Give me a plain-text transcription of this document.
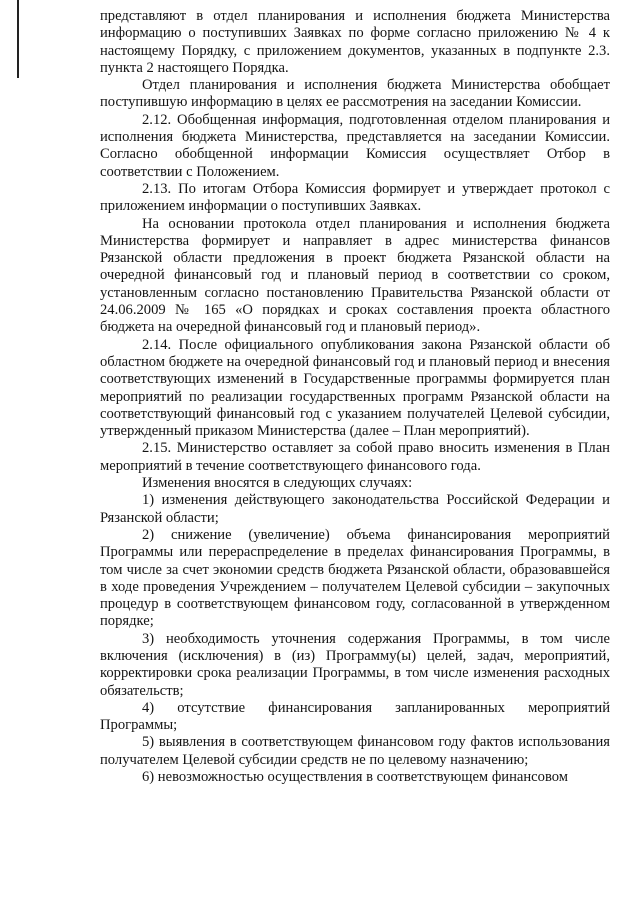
представляют в отдел планирования и исполнения бюджета Министерства информацию о поступивших Заявках по форме согласно приложению № 4 к настоящему Порядку, с приложением документов, указанных в подпункте 2.3. пункта 2 настоящего Порядка.

Отдел планирования и исполнения бюджета Министерства обобщает поступившую информацию в целях ее рассмотрения на заседании Комиссии.

2.12. Обобщенная информация, подготовленная отделом планирования и исполнения бюджета Министерства, представляется на заседании Комиссии. Согласно обобщенной информации Комиссия осуществляет Отбор в соответствии с Положением.

2.13. По итогам Отбора Комиссия формирует и утверждает протокол с приложением информации о поступивших Заявках.

На основании протокола отдел планирования и исполнения бюджета Министерства формирует и направляет в адрес министерства финансов Рязанской области предложения в проект бюджета Рязанской области на очередной финансовый год и плановый период в соответствии со сроком, установленным согласно постановлению Правительства Рязанской области от 24.06.2009 № 165 «О порядках и сроках составления проекта областного бюджета на очередной финансовый год и плановый период».

2.14. После официального опубликования закона Рязанской области об областном бюджете на очередной финансовый год и плановый период и внесения соответствующих изменений в Государственные программы формируется план мероприятий по реализации государственных программ Рязанской области на соответствующий финансовый год с указанием получателей Целевой субсидии, утвержденный приказом Министерства (далее – План мероприятий).

2.15. Министерство оставляет за собой право вносить изменения в План мероприятий в течение соответствующего финансового года.

Изменения вносятся в следующих случаях:

1) изменения действующего законодательства Российской Федерации и Рязанской области;

2) снижение (увеличение) объема финансирования мероприятий Программы или перераспределение в пределах финансирования Программы, в том числе за счет экономии средств бюджета Рязанской области, образовавшейся в ходе проведения Учреждением – получателем Целевой субсидии – закупочных процедур в соответствующем финансовом году, согласованной в утвержденном порядке;

3) необходимость уточнения содержания Программы, в том числе включения (исключения) в (из) Программу(ы) целей, задач, мероприятий, корректировки срока реализации Программы, в том числе изменения расходных обязательств;

4) отсутствие финансирования запланированных мероприятий Программы;

5) выявления в соответствующем финансовом году фактов использования получателем Целевой субсидии средств не по целевому назначению;

6) невозможностью осуществления в соответствующем финансовом
